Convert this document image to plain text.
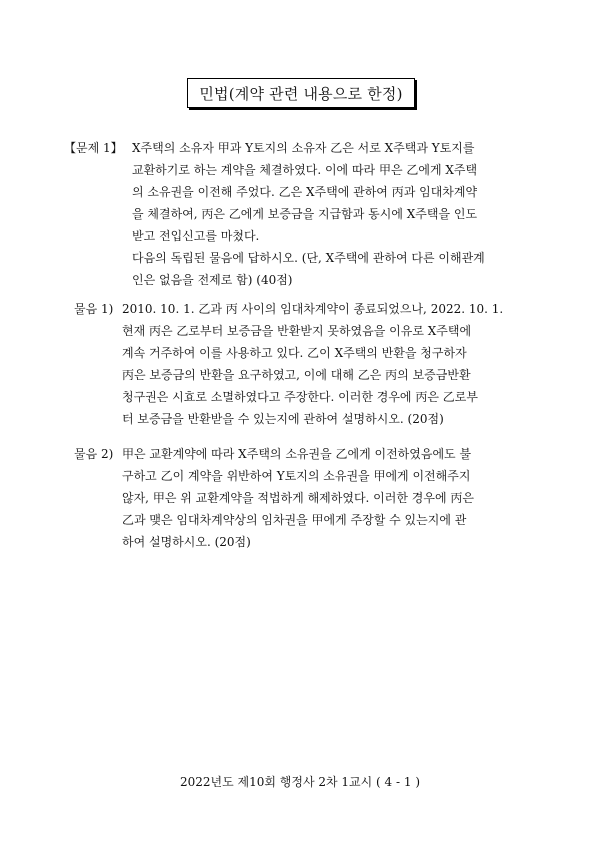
민법(계약 관련 내용으로 한정)
【문제 1】 X주택의 소유자 甲과 Y토지의 소유자 乙은 서로 X주택과 Y토지를
교환하기로 하는 계약을 체결하였다. 이에 따라 甲은 乙에게 X주택
의 소유권을 이전해 주었다. 乙은 X주택에 관하여 丙과 임대차계약
을 체결하여, 丙은 乙에게 보증금을 지급함과 동시에 X주택을 인도
받고 전입신고를 마쳤다.
다음의 독립된 물음에 답하시오. (단, X주택에 관하여 다른 이해관계
인은 없음을 전제로 함) (40점)
물음 1) 2010. 10. 1. 乙과 丙 사이의 임대차계약이 종료되었으나, 2022. 10. 1.
현재 丙은 乙로부터 보증금을 반환받지 못하였음을 이유로 X주택에
계속 거주하여 이를 사용하고 있다. 乙이 X주택의 반환을 청구하자
丙은 보증금의 반환을 요구하였고, 이에 대해 乙은 丙의 보증금반환
청구권은 시효로 소멸하였다고 주장한다. 이러한 경우에 丙은 乙로부
터 보증금을 반환받을 수 있는지에 관하여 설명하시오. (20점)
물음 2) 甲은 교환계약에 따라 X주택의 소유권을 乙에게 이전하였음에도 불
구하고 乙이 계약을 위반하여 Y토지의 소유권을 甲에게 이전해주지
않자, 甲은 위 교환계약을 적법하게 해제하였다. 이러한 경우에 丙은
乙과 맺은 임대차계약상의 임차권을 甲에게 주장할 수 있는지에 관
하여 설명하시오. (20점)
2022년도 제10회 행정사 2차 1교시 ( 4 - 1 )
